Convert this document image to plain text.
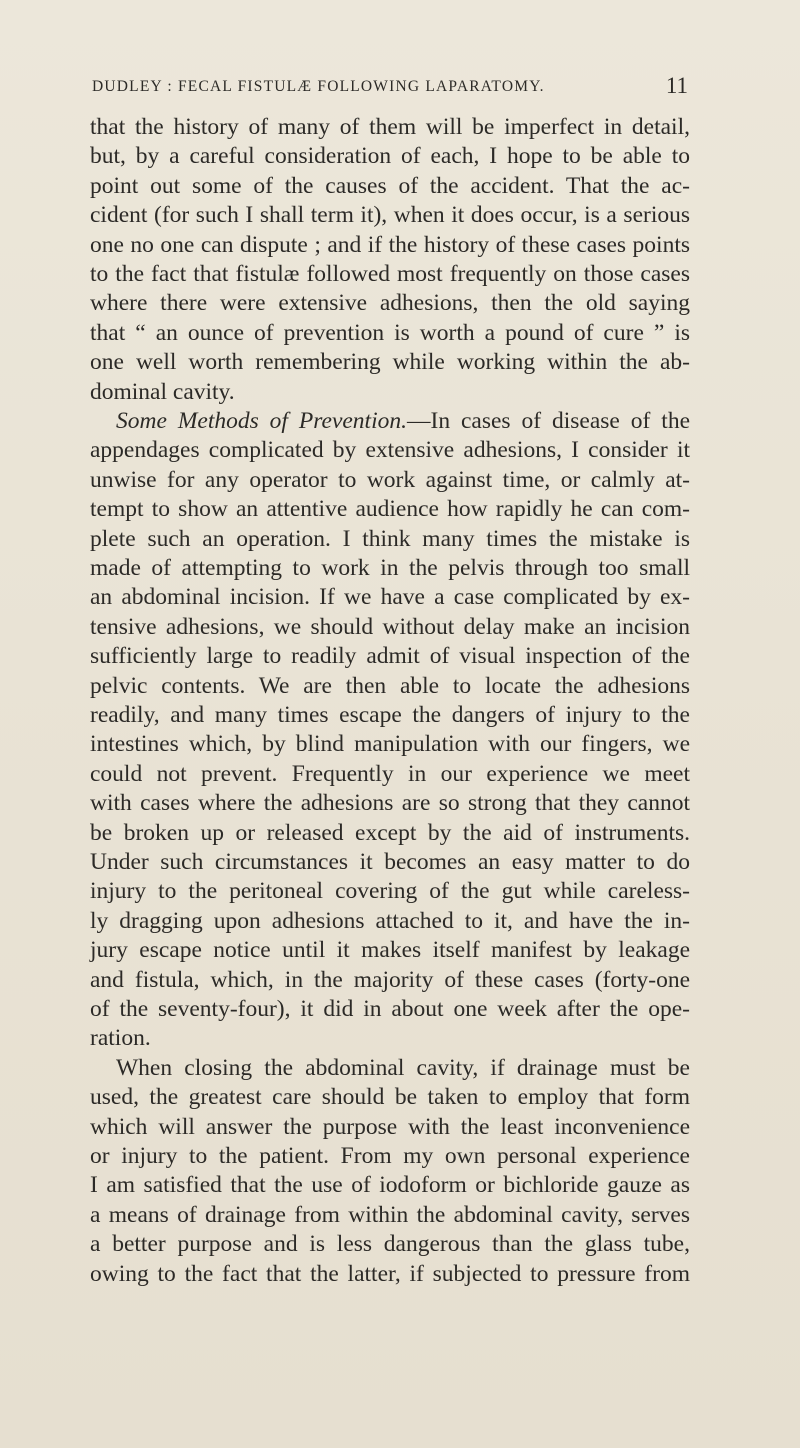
DUDLEY : FECAL FISTULÆ FOLLOWING LAPARATOMY.	11
that the history of many of them will be imperfect in detail,
but, by a careful consideration of each, I hope to be able to
point out some of the causes of the accident. That the ac-
cident (for such I shall term it), when it does occur, is a serious
one no one can dispute ; and if the history of these cases points
to the fact that fistulæ followed most frequently on those cases
where there were extensive adhesions, then the old saying
that “ an ounce of prevention is worth a pound of cure ” is
one well worth remembering while working within the ab-
dominal cavity.
Some Methods of Prevention.—In cases of disease of the
appendages complicated by extensive adhesions, I consider it
unwise for any operator to work against time, or calmly at-
tempt to show an attentive audience how rapidly he can com-
plete such an operation. I think many times the mistake is
made of attempting to work in the pelvis through too small
an abdominal incision. If we have a case complicated by ex-
tensive adhesions, we should without delay make an incision
sufficiently large to readily admit of visual inspection of the
pelvic contents. We are then able to locate the adhesions
readily, and many times escape the dangers of injury to the
intestines which, by blind manipulation with our fingers, we
could not prevent. Frequently in our experience we meet
with cases where the adhesions are so strong that they cannot
be broken up or released except by the aid of instruments.
Under such circumstances it becomes an easy matter to do
injury to the peritoneal covering of the gut while careless-
ly dragging upon adhesions attached to it, and have the in-
jury escape notice until it makes itself manifest by leakage
and fistula, which, in the majority of these cases (forty-one
of the seventy-four), it did in about one week after the ope-
ration.
When closing the abdominal cavity, if drainage must be
used, the greatest care should be taken to employ that form
which will answer the purpose with the least inconvenience
or injury to the patient. From my own personal experience
I am satisfied that the use of iodoform or bichloride gauze as
a means of drainage from within the abdominal cavity, serves
a better purpose and is less dangerous than the glass tube,
owing to the fact that the latter, if subjected to pressure from
